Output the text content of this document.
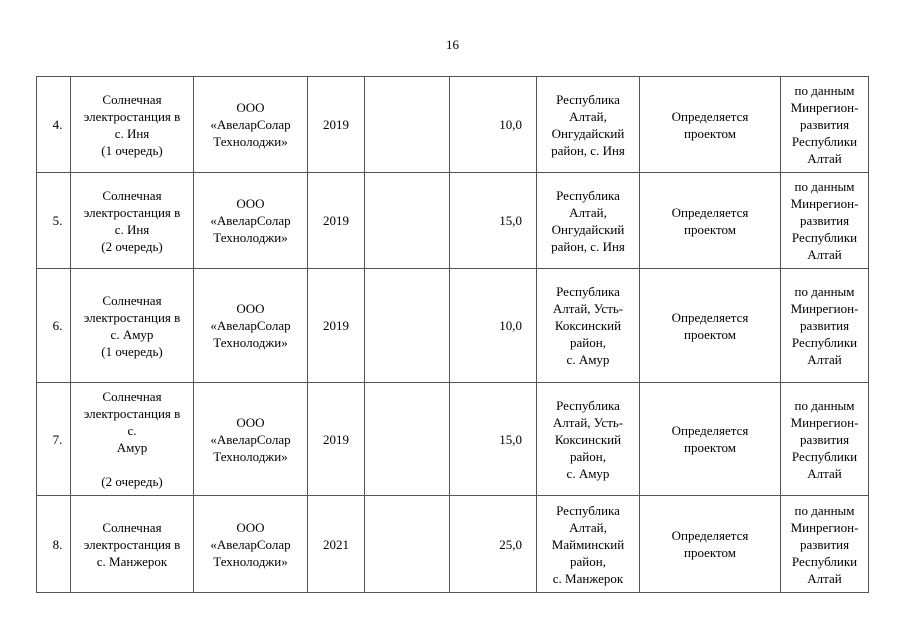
16
4.	Солнечная
электростанция в
с. Иня
(1 очередь)	ООО
«АвеларСолар
Технолоджи»	2019		10,0	Республика
Алтай,
Онгудайский
район, с. Иня	Определяется
проектом	по данным
Минрегион-
развития
Республики
Алтай
5.	Солнечная
электростанция в
с. Иня
(2 очередь)	ООО
«АвеларСолар
Технолоджи»	2019		15,0	Республика
Алтай,
Онгудайский
район, с. Иня	Определяется
проектом	по данным
Минрегион-
развития
Республики
Алтай
6.	Солнечная
электростанция в
с. Амур
(1 очередь)	ООО
«АвеларСолар
Технолоджи»	2019		10,0	Республика
Алтай, Усть-
Коксинский
район,
с. Амур	Определяется
проектом	по данным
Минрегион-
развития
Республики
Алтай
7.	Солнечная
электростанция в
с.
Амур

(2 очередь)	ООО
«АвеларСолар
Технолоджи»	2019		15,0	Республика
Алтай, Усть-
Коксинский
район,
с. Амур	Определяется
проектом	по данным
Минрегион-
развития
Республики
Алтай
8.	Солнечная
электростанция в
с. Манжерок	ООО
«АвеларСолар
Технолоджи»	2021		25,0	Республика
Алтай,
Майминский
район,
с. Манжерок	Определяется
проектом	по данным
Минрегион-
развития
Республики
Алтай
